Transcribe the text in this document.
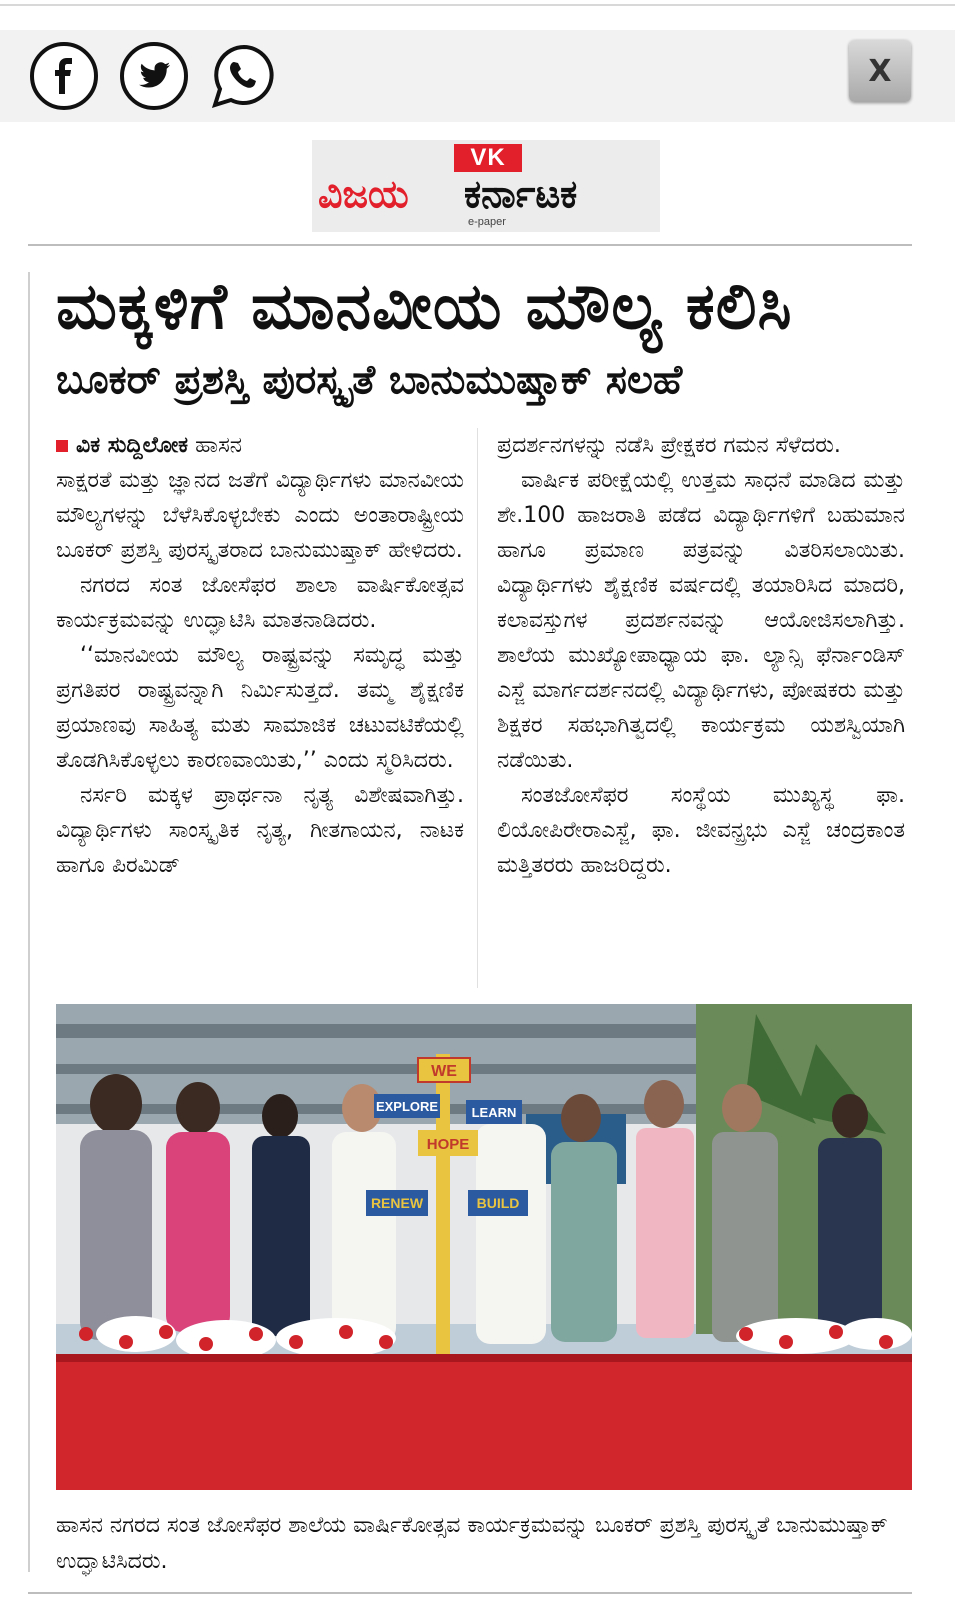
X
VK
ವಿಜಯ ಕರ್ನಾಟಕ
e-paper
ಮಕ್ಕಳಿಗೆ ಮಾನವೀಯ ಮೌಲ್ಯ ಕಲಿಸಿ
ಬೂಕರ್ ಪ್ರಶಸ್ತಿ ಪುರಸ್ಕೃತೆ ಬಾನುಮುಷ್ತಾಕ್ ಸಲಹೆ
ವಿಕ ಸುದ್ದಿಲೋಕ ಹಾಸನ

ಸಾಕ್ಷರತೆ ಮತ್ತು ಜ್ಞಾನದ ಜತೆಗೆ ವಿದ್ಯಾರ್ಥಿಗಳು ಮಾನವೀಯ ಮೌಲ್ಯಗಳನ್ನು ಬೆಳೆಸಿಕೊಳ್ಳಬೇಕು ಎಂದು ಅಂತಾರಾಷ್ಟ್ರೀಯ ಬೂಕರ್ ಪ್ರಶಸ್ತಿ ಪುರಸ್ಕೃತರಾದ ಬಾನುಮುಷ್ತಾಕ್ ಹೇಳಿದರು.

ನಗರದ ಸಂತ ಜೋಸೆಫರ ಶಾಲಾ ವಾರ್ಷಿಕೋತ್ಸವ ಕಾರ್ಯಕ್ರಮವನ್ನು ಉದ್ಘಾಟಿಸಿ ಮಾತನಾಡಿದರು.

‘‘ಮಾನವೀಯ ಮೌಲ್ಯ ರಾಷ್ಟ್ರವನ್ನು ಸಮೃದ್ಧ ಮತ್ತು ಪ್ರಗತಿಪರ ರಾಷ್ಟ್ರವನ್ನಾಗಿ ನಿರ್ಮಿಸುತ್ತದೆ. ತಮ್ಮ ಶೈಕ್ಷಣಿಕ ಪ್ರಯಾಣವು ಸಾಹಿತ್ಯ ಮತು ಸಾಮಾಜಿಕ ಚಟುವಟಿಕೆಯಲ್ಲಿ ತೊಡಗಿಸಿಕೊಳ್ಳಲು ಕಾರಣವಾಯಿತು,’’ ಎಂದು ಸ್ಮರಿಸಿದರು.

ನರ್ಸರಿ ಮಕ್ಕಳ ಪ್ರಾರ್ಥನಾ ನೃತ್ಯ ವಿಶೇಷವಾಗಿತ್ತು. ವಿದ್ಯಾರ್ಥಿಗಳು ಸಾಂಸ್ಕೃತಿಕ ನೃತ್ಯ, ಗೀತಗಾಯನ, ನಾಟಕ ಹಾಗೂ ಪಿರಮಿಡ್

ಪ್ರದರ್ಶನಗಳನ್ನು ನಡೆಸಿ ಪ್ರೇಕ್ಷಕರ ಗಮನ ಸೆಳೆದರು.

ವಾರ್ಷಿಕ ಪರೀಕ್ಷೆಯಲ್ಲಿ ಉತ್ತಮ ಸಾಧನೆ ಮಾಡಿದ ಮತ್ತು ಶೇ.100 ಹಾಜರಾತಿ ಪಡೆದ ವಿದ್ಯಾರ್ಥಿಗಳಿಗೆ ಬಹುಮಾನ ಹಾಗೂ ಪ್ರಮಾಣ ಪತ್ರವನ್ನು ವಿತರಿಸಲಾಯಿತು. ವಿದ್ಯಾರ್ಥಿಗಳು ಶೈಕ್ಷಣಿಕ ವರ್ಷದಲ್ಲಿ ತಯಾರಿಸಿದ ಮಾದರಿ, ಕಲಾವಸ್ತುಗಳ ಪ್ರದರ್ಶನವನ್ನು ಆಯೋಜಿಸಲಾಗಿತ್ತು. ಶಾಲೆಯ ಮುಖ್ಯೋಪಾಧ್ಯಾಯ ಫಾ. ಲ್ಯಾನ್ಸಿ ಫೆರ್ನಾಂಡಿಸ್ ಎಸ್ಜೆ ಮಾರ್ಗದರ್ಶನದಲ್ಲಿ ವಿದ್ಯಾರ್ಥಿಗಳು, ಪೋಷಕರು ಮತ್ತು ಶಿಕ್ಷಕರ ಸಹಭಾಗಿತ್ವದಲ್ಲಿ ಕಾರ್ಯಕ್ರಮ ಯಶಸ್ವಿಯಾಗಿ ನಡೆಯಿತು.

ಸಂತಜೋಸೆಫರ ಸಂಸ್ಥೆಯ ಮುಖ್ಯಸ್ಥ ಫಾ. ಲಿಯೋಪಿರೇರಾಎಸ್ಜೆ, ಫಾ. ಜೀವನ್ಪ್ರಭು ಎಸ್ಜೆ ಚಂದ್ರಕಾಂತ ಮತ್ತಿತರರು ಹಾಜರಿದ್ದರು.

WE
EXPLORE	LEARN
HOPE
RENEW	BUILD
ಹಾಸನ ನಗರದ ಸಂತ ಜೋಸೆಫರ ಶಾಲೆಯ ವಾರ್ಷಿಕೋತ್ಸವ ಕಾರ್ಯಕ್ರಮವನ್ನು ಬೂಕರ್ ಪ್ರಶಸ್ತಿ ಪುರಸ್ಕೃತೆ ಬಾನುಮುಷ್ತಾಕ್ ಉದ್ಘಾಟಿಸಿದರು.
